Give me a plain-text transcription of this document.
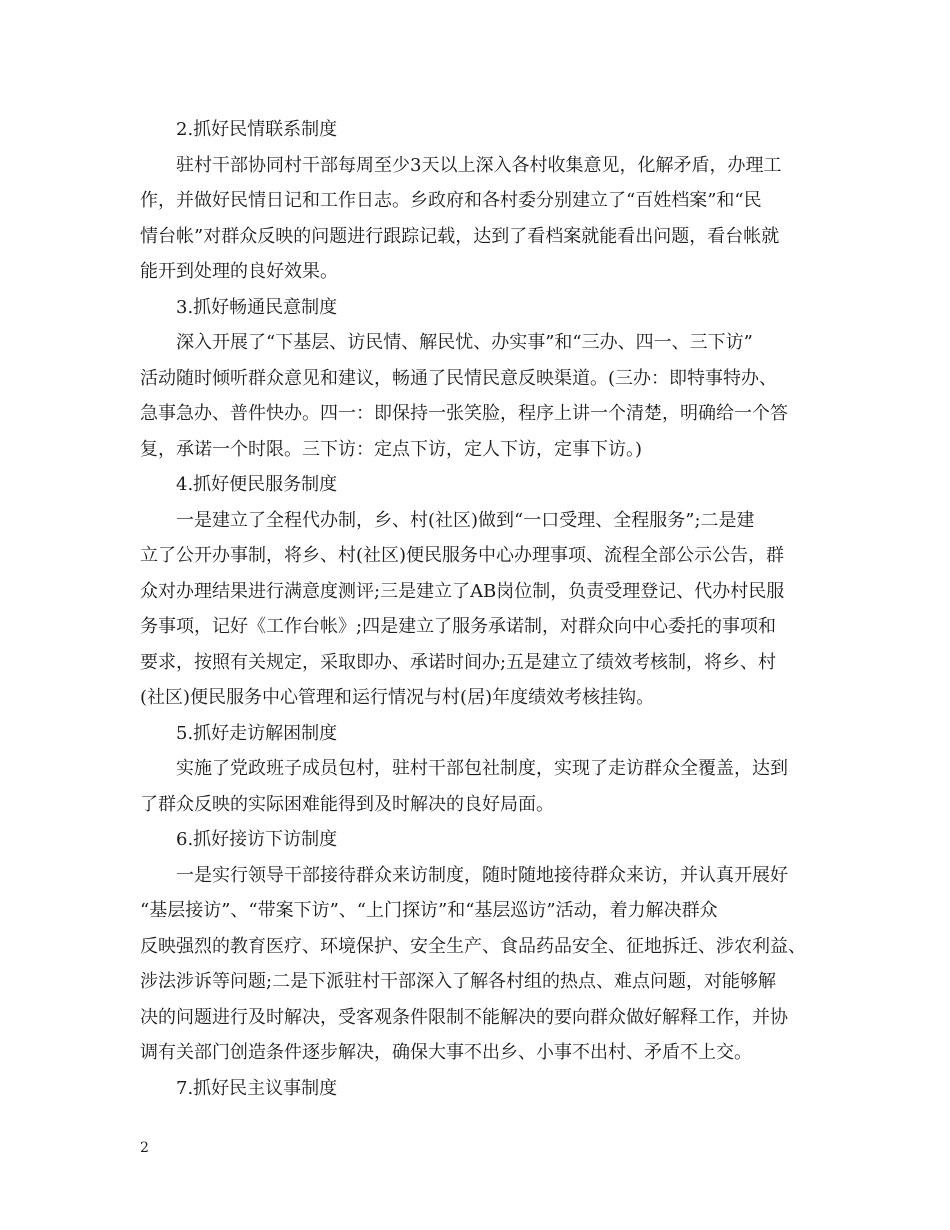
2.抓好民情联系制度
驻村干部协同村干部每周至少3天以上深入各村收集意见，化解矛盾，办理工
作，并做好民情日记和工作日志。乡政府和各村委分别建立了“百姓档案”和“民
情台帐”对群众反映的问题进行跟踪记载，达到了看档案就能看出问题，看台帐就
能开到处理的良好效果。
3.抓好畅通民意制度
深入开展了“下基层、访民情、解民忧、办实事”和“三办、四一、三下访”
活动随时倾听群众意见和建议，畅通了民情民意反映渠道。(三办：即特事特办、
急事急办、普件快办。四一：即保持一张笑脸，程序上讲一个清楚，明确给一个答
复，承诺一个时限。三下访：定点下访，定人下访，定事下访。)
4.抓好便民服务制度
一是建立了全程代办制，乡、村(社区)做到“一口受理、全程服务”;二是建
立了公开办事制，将乡、村(社区)便民服务中心办理事项、流程全部公示公告，群
众对办理结果进行满意度测评;三是建立了AB岗位制，负责受理登记、代办村民服
务事项，记好《工作台帐》;四是建立了服务承诺制，对群众向中心委托的事项和
要求，按照有关规定，采取即办、承诺时间办;五是建立了绩效考核制，将乡、村
(社区)便民服务中心管理和运行情况与村(居)年度绩效考核挂钩。
5.抓好走访解困制度
实施了党政班子成员包村，驻村干部包社制度，实现了走访群众全覆盖，达到
了群众反映的实际困难能得到及时解决的良好局面。
6.抓好接访下访制度
一是实行领导干部接待群众来访制度，随时随地接待群众来访，并认真开展好
“基层接访”、“带案下访”、“上门探访”和“基层巡访”活动，着力解决群众
反映强烈的教育医疗、环境保护、安全生产、食品药品安全、征地拆迁、涉农利益、
涉法涉诉等问题;二是下派驻村干部深入了解各村组的热点、难点问题，对能够解
决的问题进行及时解决，受客观条件限制不能解决的要向群众做好解释工作，并协
调有关部门创造条件逐步解决，确保大事不出乡、小事不出村、矛盾不上交。
7.抓好民主议事制度
2
